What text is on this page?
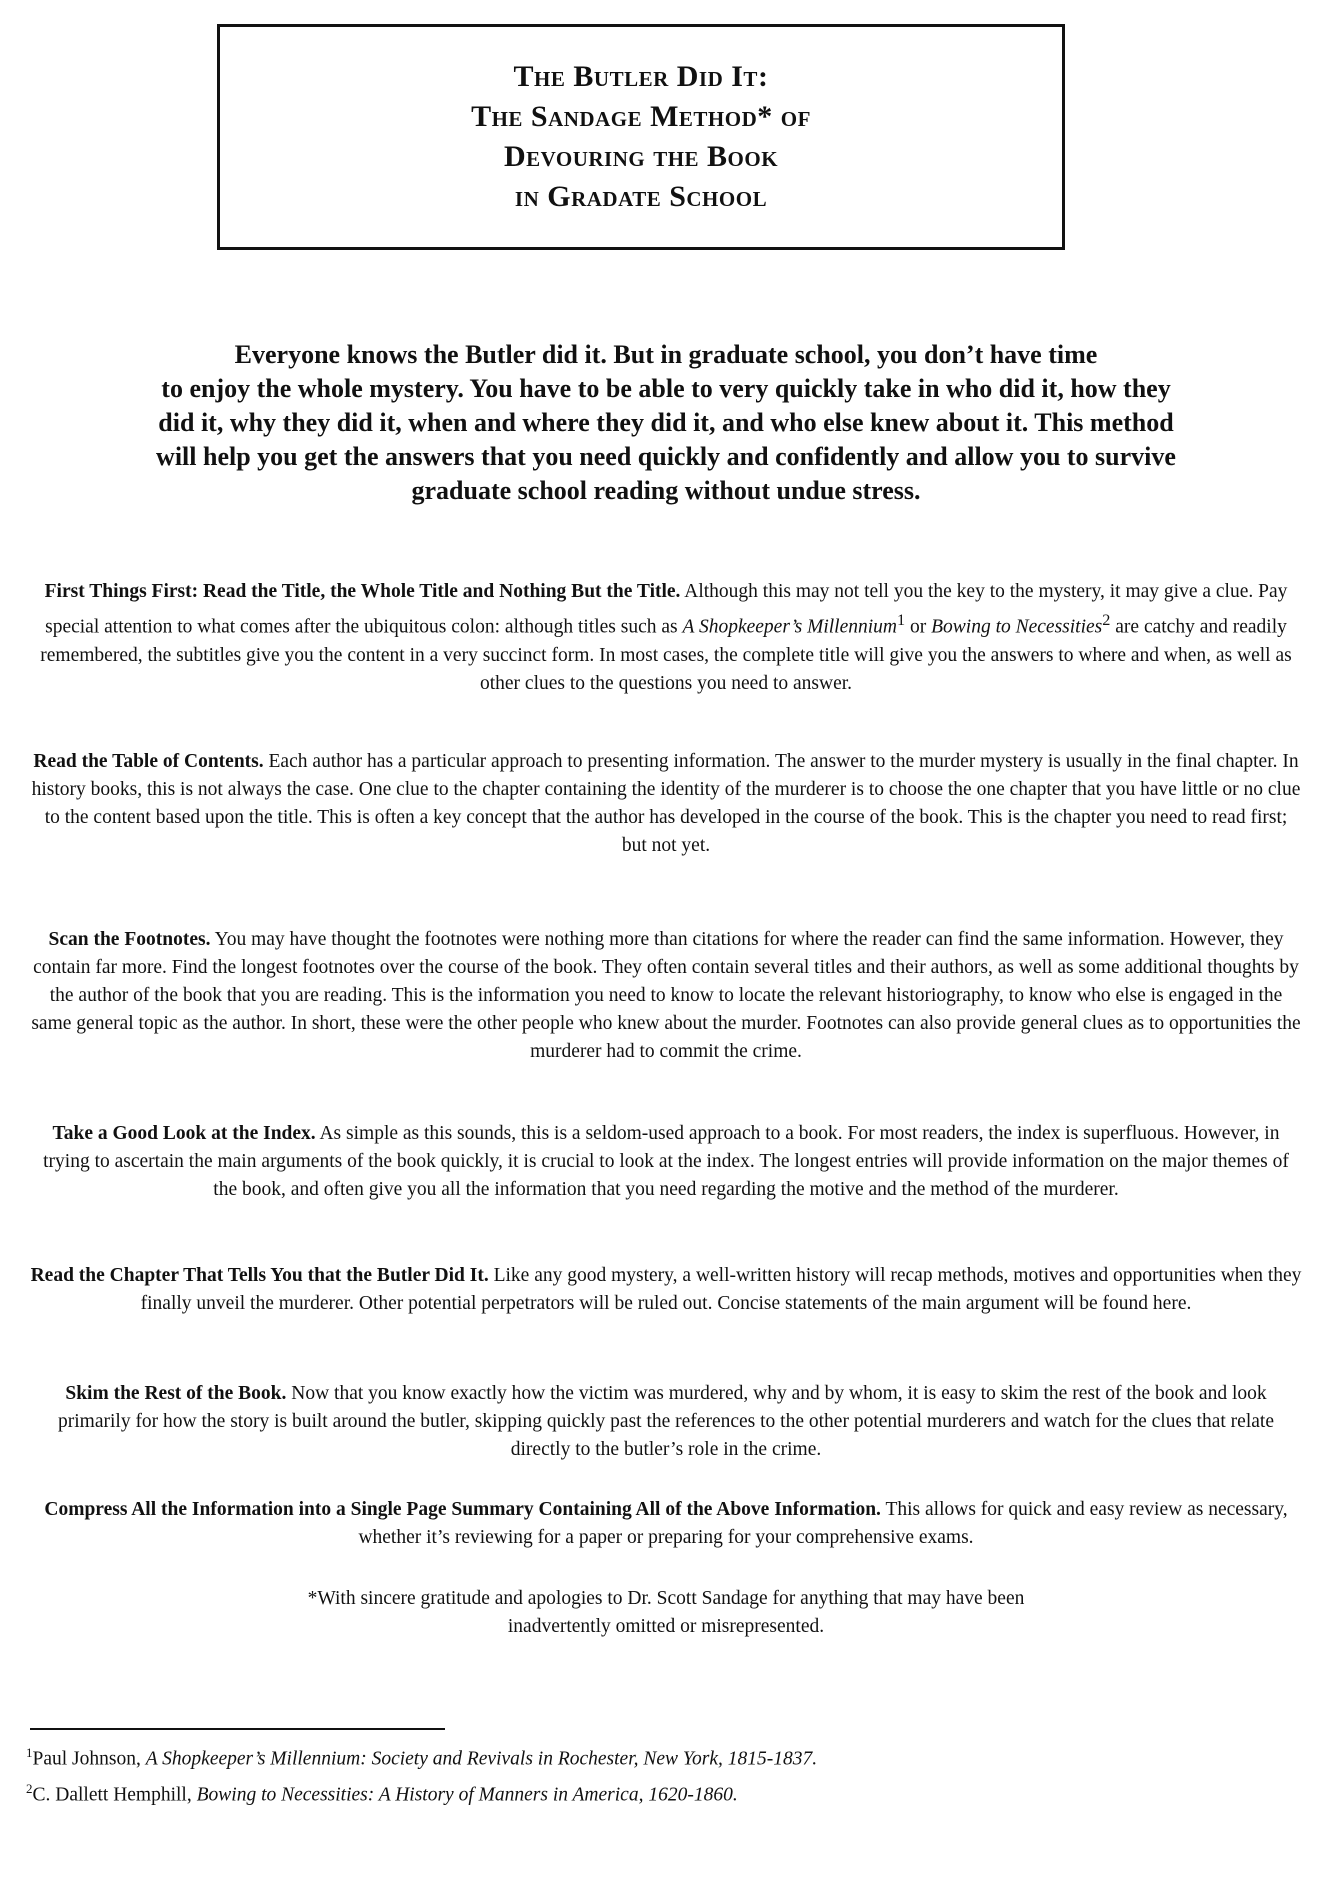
The Butler Did It:
The Sandage Method* of
Devouring the Book
in Gradate School
Everyone knows the Butler did it. But in graduate school, you don’t have time
to enjoy the whole mystery. You have to be able to very quickly take in who did it, how they
did it, why they did it, when and where they did it, and who else knew about it. This method
will help you get the answers that you need quickly and confidently and allow you to survive
graduate school reading without undue stress.
First Things First: Read the Title, the Whole Title and Nothing But the Title. Although this may not tell you the key to the mystery, it may give a clue. Pay special attention to what comes after the ubiquitous colon: although titles such as A Shopkeeper’s Millennium$^1$ or Bowing to Necessities$^2$ are catchy and readily remembered, the subtitles give you the content in a very succinct form. In most cases, the complete title will give you the answers to where and when, as well as other clues to the questions you need to answer.
Read the Table of Contents. Each author has a particular approach to presenting information. The answer to the murder mystery is usually in the final chapter. In history books, this is not always the case. One clue to the chapter containing the identity of the murderer is to choose the one chapter that you have little or no clue to the content based upon the title. This is often a key concept that the author has developed in the course of the book. This is the chapter you need to read first; but not yet.
Scan the Footnotes. You may have thought the footnotes were nothing more than citations for where the reader can find the same information. However, they contain far more. Find the longest footnotes over the course of the book. They often contain several titles and their authors, as well as some additional thoughts by the author of the book that you are reading. This is the information you need to know to locate the relevant historiography, to know who else is engaged in the same general topic as the author. In short, these were the other people who knew about the murder. Footnotes can also provide general clues as to opportunities the murderer had to commit the crime.
Take a Good Look at the Index. As simple as this sounds, this is a seldom-used approach to a book. For most readers, the index is superfluous. However, in trying to ascertain the main arguments of the book quickly, it is crucial to look at the index. The longest entries will provide information on the major themes of the book, and often give you all the information that you need regarding the motive and the method of the murderer.
Read the Chapter That Tells You that the Butler Did It. Like any good mystery, a well-written history will recap methods, motives and opportunities when they finally unveil the murderer. Other potential perpetrators will be ruled out. Concise statements of the main argument will be found here.
Skim the Rest of the Book. Now that you know exactly how the victim was murdered, why and by whom, it is easy to skim the rest of the book and look primarily for how the story is built around the butler, skipping quickly past the references to the other potential murderers and watch for the clues that relate directly to the butler’s role in the crime.
Compress All the Information into a Single Page Summary Containing All of the Above Information. This allows for quick and easy review as necessary, whether it’s reviewing for a paper or preparing for your comprehensive exams.
*With sincere gratitude and apologies to Dr. Scott Sandage for anything that may have been
inadvertently omitted or misrepresented.
$^1$Paul Johnson, A Shopkeeper’s Millennium: Society and Revivals in Rochester, New York, 1815-1837.
$^2$C. Dallett Hemphill, Bowing to Necessities: A History of Manners in America, 1620-1860.
